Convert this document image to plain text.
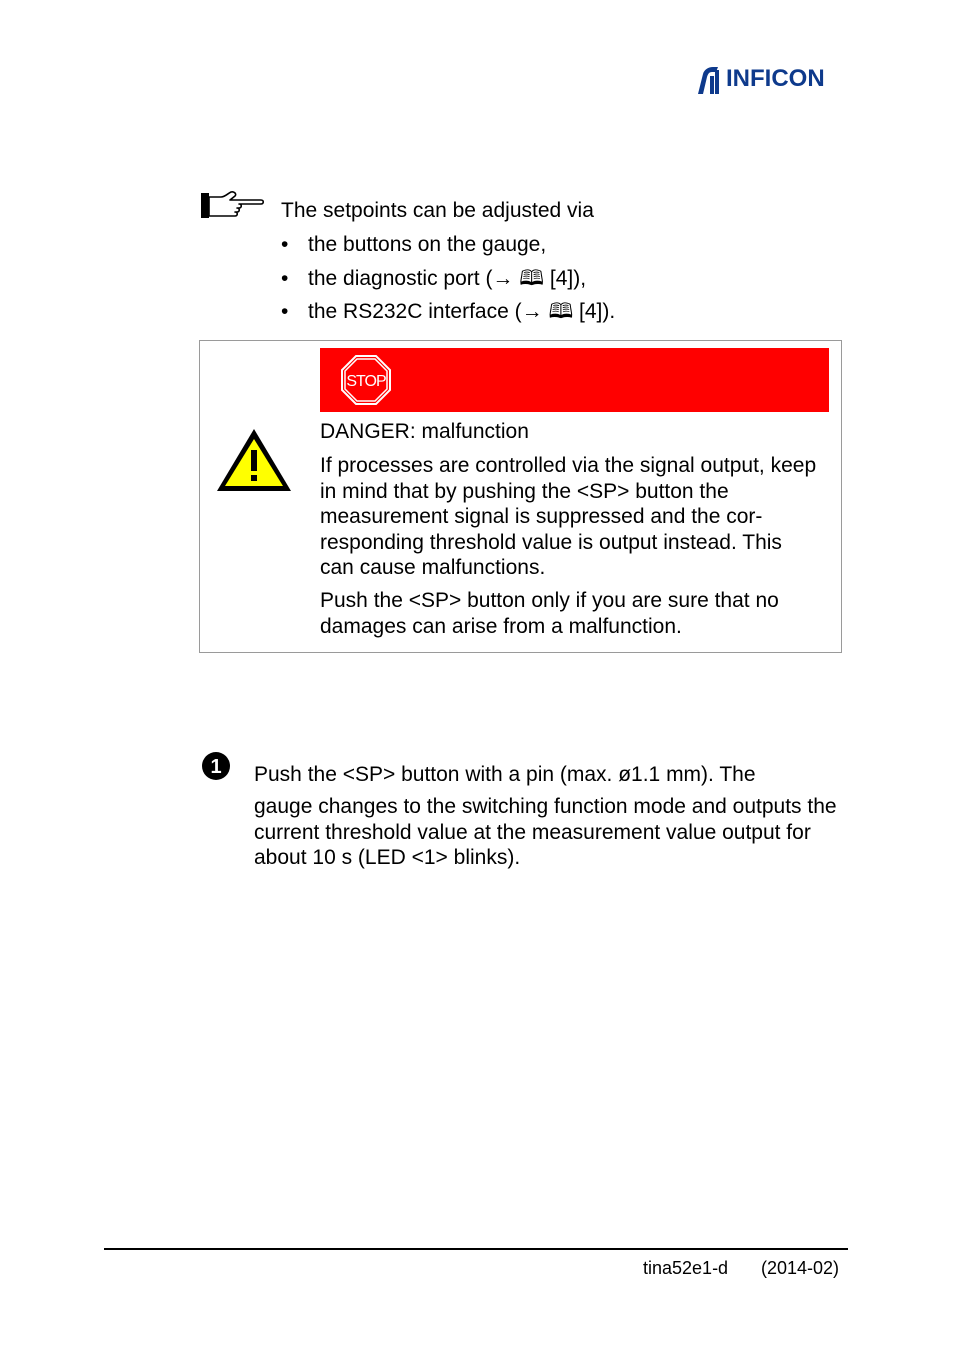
INFICON
The setpoints can be adjusted via
• the buttons on the gauge,
• the diagnostic port (→ 🕮 [4]),
• the RS232C interface (→ 🕮 [4]).
STOP
DANGER: malfunction

If processes are controlled via the signal output, keep in mind that by pushing the <SP> button the measurement signal is suppressed and the cor-responding threshold value is output instead. This can cause malfunctions.

Push the <SP> button only if you are sure that no damages can arise from a malfunction.

1 Push the <SP> button with a pin (max. ø1.1 mm). The

gauge changes to the switching function mode and outputs the current threshold value at the measurement value output for about 10 s (LED <1> blinks).

tina52e1-d (2014-02)
